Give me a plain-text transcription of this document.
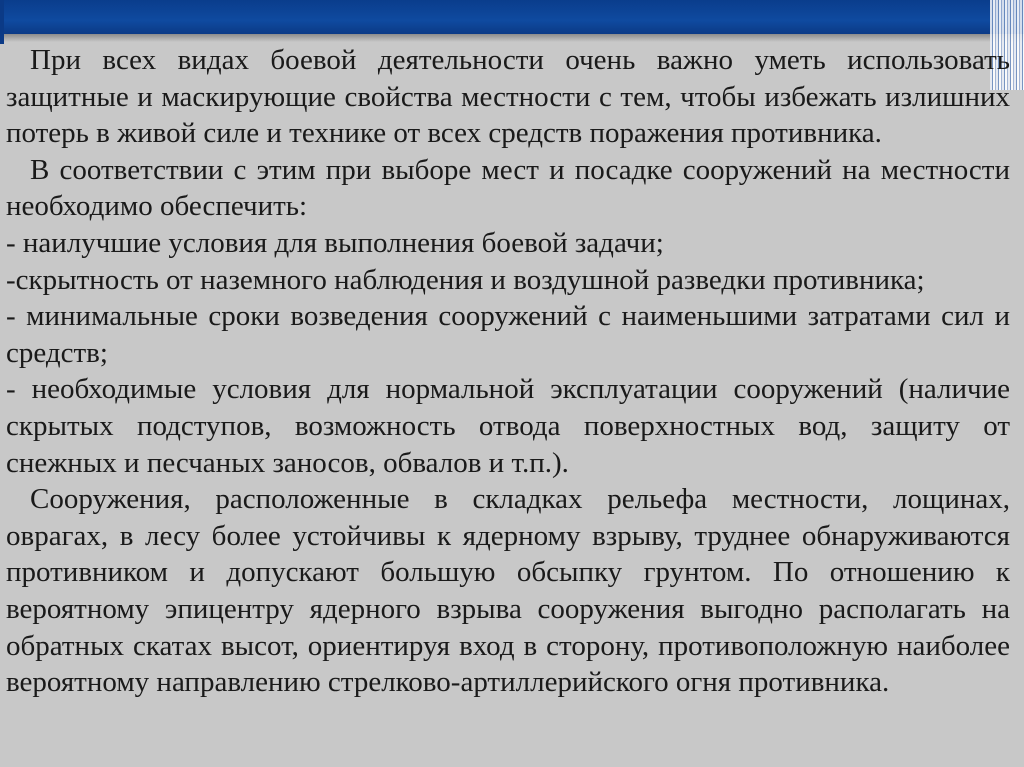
При всех видах боевой деятельности очень важно уметь использовать защитные и маскирующие свойства местности с тем, чтобы избежать излишних потерь в живой силе и технике от всех средств поражения противника.

В соответствии с этим при выборе мест и посадке сооружений на местности необходимо обеспечить:

- наилучшие условия для выполнения боевой задачи;

-скрытность от наземного наблюдения и воздушной разведки противника;

- минимальные сроки возведения сооружений с наименьшими затратами сил и средств;

- необходимые условия для нормальной эксплуатации сооружений (наличие скрытых подступов, возможность отвода поверхностных вод, защиту от снежных и песчаных заносов, обвалов и т.п.).

Сооружения, расположенные в складках рельефа местности, лощинах, оврагах, в лесу более устойчивы к ядерному взрыву, труднее обнаруживаются противником и допускают большую обсыпку грунтом. По отношению к вероятному эпицентру ядерного взрыва сооружения выгодно располагать на обратных скатах высот, ориентируя вход в сторону, противоположную наиболее вероятному направлению стрелково-артиллерийского огня противника.
